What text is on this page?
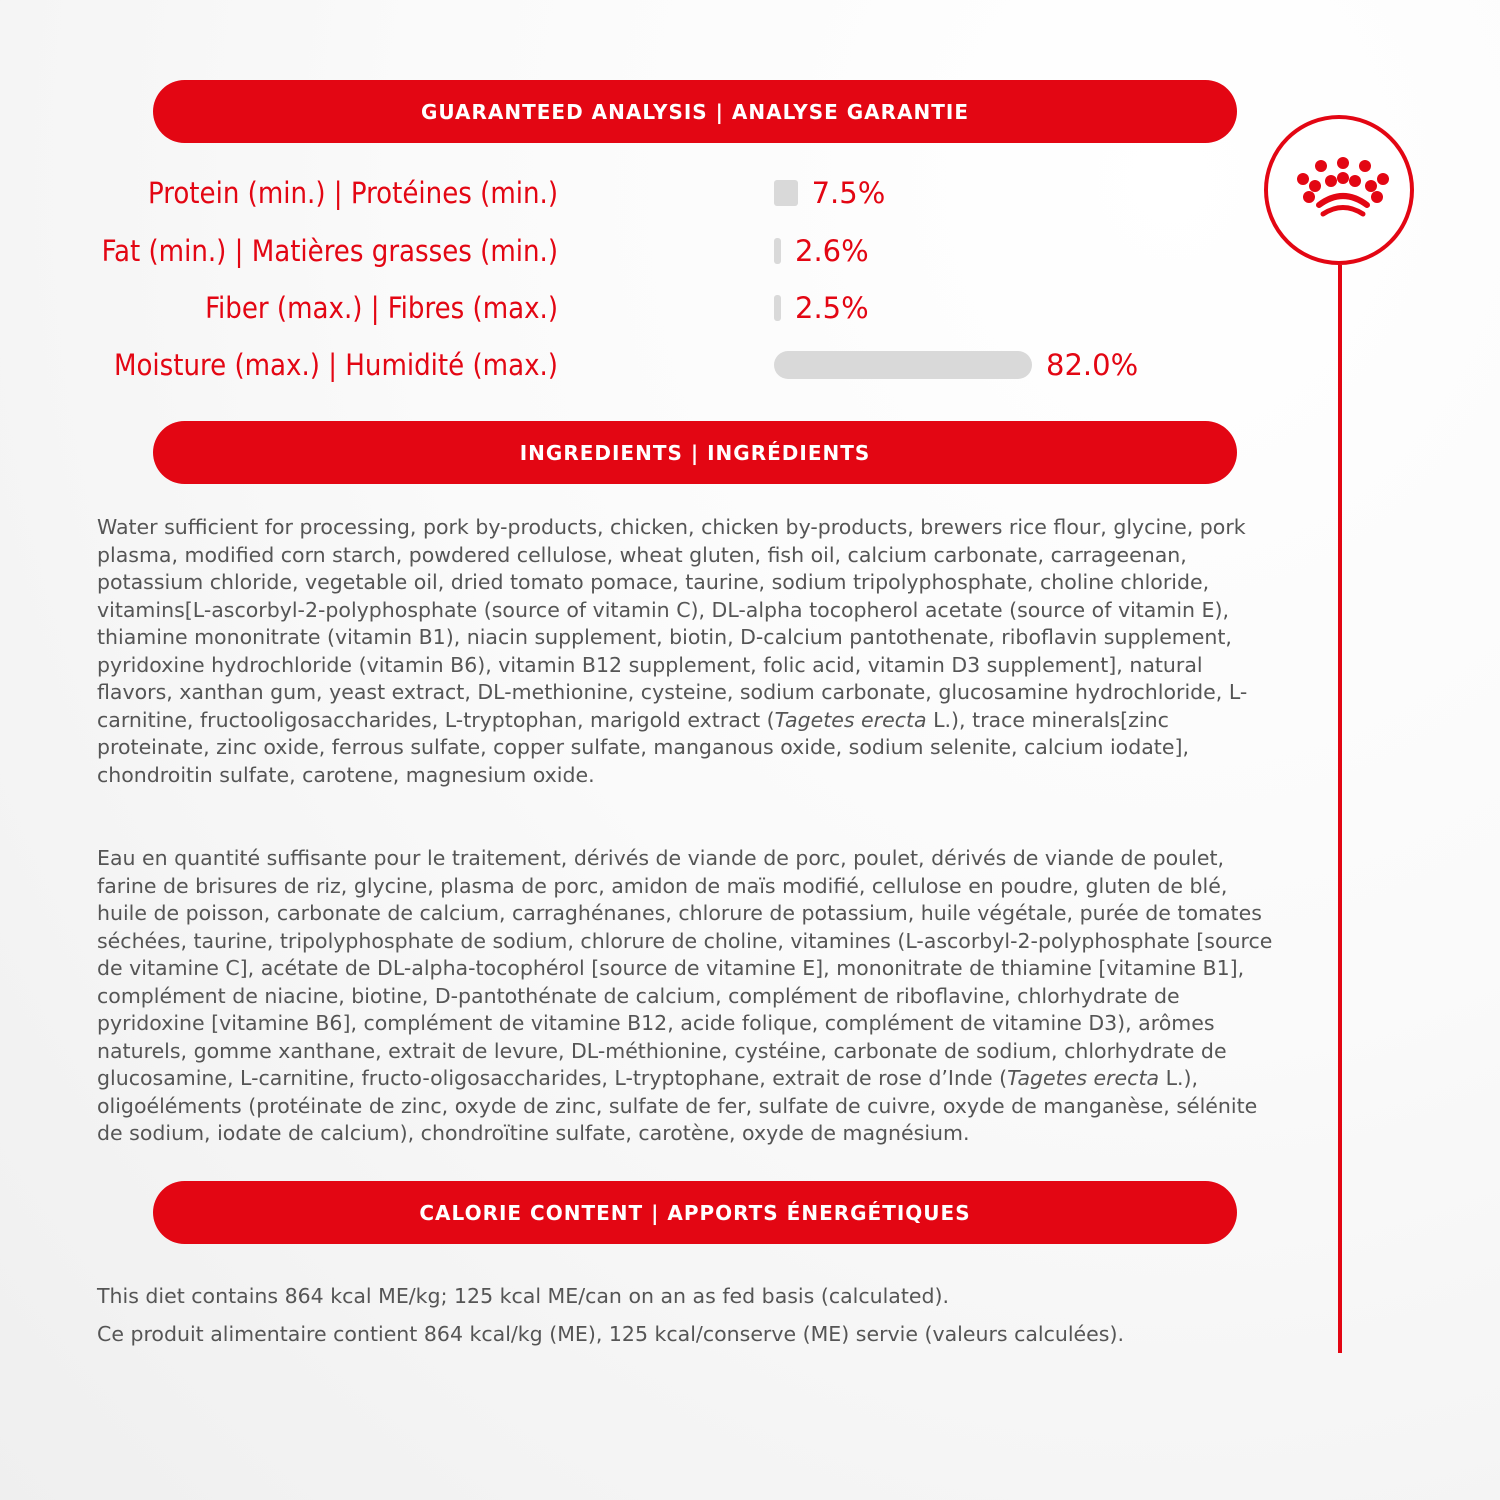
GUARANTEED ANALYSIS | ANALYSE GARANTIE
Protein (min.) | Protéines (min.)	7.5%
Fat (min.) | Matières grasses (min.)	2.6%
Fiber (max.) | Fibres (max.)	2.5%
Moisture (max.) | Humidité (max.)	82.0%
INGREDIENTS | INGRÉDIENTS

Water sufficient for processing, pork by-products, chicken, chicken by-products, brewers rice flour, glycine, pork plasma, modified corn starch, powdered cellulose, wheat gluten, fish oil, calcium carbonate, carrageenan, potassium chloride, vegetable oil, dried tomato pomace, taurine, sodium tripolyphosphate, choline chloride, vitamins[L-ascorbyl-2-polyphosphate (source of vitamin C), DL-alpha tocopherol acetate (source of vitamin E), thiamine mononitrate (vitamin B1), niacin supplement, biotin, D-calcium pantothenate, riboflavin supplement, pyridoxine hydrochloride (vitamin B6), vitamin B12 supplement, folic acid, vitamin D3 supplement], natural flavors, xanthan gum, yeast extract, DL-methionine, cysteine, sodium carbonate, glucosamine hydrochloride, L-carnitine, fructooligosaccharides, L-tryptophan, marigold extract (Tagetes erecta L.), trace minerals[zinc proteinate, zinc oxide, ferrous sulfate, copper sulfate, manganous oxide, sodium selenite, calcium iodate], chondroitin sulfate, carotene, magnesium oxide.

Eau en quantité suffisante pour le traitement, dérivés de viande de porc, poulet, dérivés de viande de poulet, farine de brisures de riz, glycine, plasma de porc, amidon de maïs modifié, cellulose en poudre, gluten de blé, huile de poisson, carbonate de calcium, carraghénanes, chlorure de potassium, huile végétale, purée de tomates séchées, taurine, tripolyphosphate de sodium, chlorure de choline, vitamines (L-ascorbyl-2-polyphosphate [source de vitamine C], acétate de DL-alpha-tocophérol [source de vitamine E], mononitrate de thiamine [vitamine B1], complément de niacine, biotine, D-pantothénate de calcium, complément de riboflavine, chlorhydrate de pyridoxine [vitamine B6], complément de vitamine B12, acide folique, complément de vitamine D3), arômes naturels, gomme xanthane, extrait de levure, DL-méthionine, cystéine, carbonate de sodium, chlorhydrate de glucosamine, L-carnitine, fructo-oligosaccharides, L-tryptophane, extrait de rose d’Inde (Tagetes erecta L.), oligoéléments (protéinate de zinc, oxyde de zinc, sulfate de fer, sulfate de cuivre, oxyde de manganèse, sélénite de sodium, iodate de calcium), chondroïtine sulfate, carotène, oxyde de magnésium.

CALORIE CONTENT | APPORTS ÉNERGÉTIQUES
This diet contains 864 kcal ME/kg; 125 kcal ME/can on an as fed basis (calculated).
Ce produit alimentaire contient 864 kcal/kg (ME), 125 kcal/conserve (ME) servie (valeurs calculées).
